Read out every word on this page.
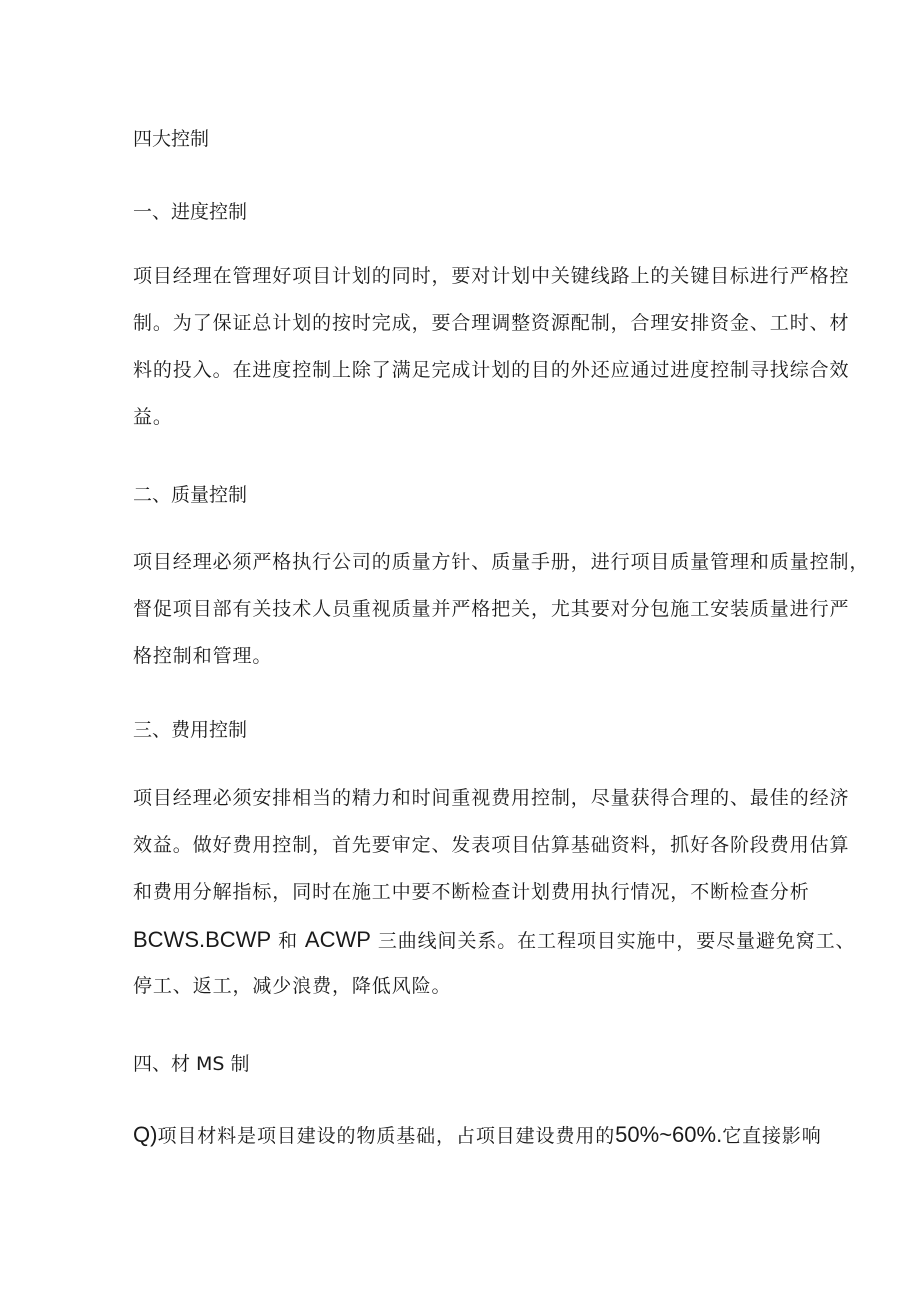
四大控制
一、进度控制
项目经理在管理好项目计划的同时，要对计划中关键线路上的关键目标进行严格控
制。为了保证总计划的按时完成，要合理调整资源配制，合理安排资金、工时、材
料的投入。在进度控制上除了满足完成计划的目的外还应通过进度控制寻找综合效
益。
二、质量控制
项目经理必须严格执行公司的质量方针、质量手册，进行项目质量管理和质量控制，
督促项目部有关技术人员重视质量并严格把关，尤其要对分包施工安装质量进行严
格控制和管理。
三、费用控制
项目经理必须安排相当的精力和时间重视费用控制，尽量获得合理的、最佳的经济
效益。做好费用控制，首先要审定、发表项目估算基础资料，抓好各阶段费用估算
和费用分解指标，同时在施工中要不断检查计划费用执行情况，不断检查分析
BCWS.BCWP 和 ACWP 三曲线间关系。在工程项目实施中，要尽量避免窝工、
停工、返工，减少浪费，降低风险。
四、材 MS 制
Q)项目材料是项目建设的物质基础，占项目建设费用的50%~60%.它直接影响
